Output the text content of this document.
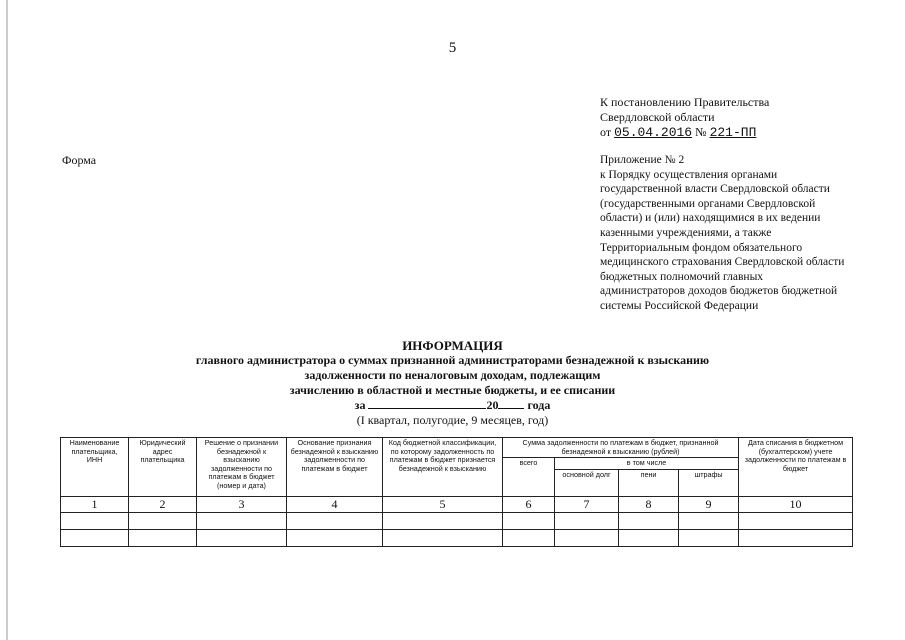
5
К постановлению Правительства
Свердловской области
от 05.04.2016 № 221-ПП
Форма	Приложение № 2
к Порядку осуществления органами государственной власти Свердловской области (государственными органами Свердловской области) и (или) находящимися в их ведении казенными учреждениями, а также Территориальным фондом обязательного медицинского страхования Свердловской области бюджетных полномочий главных администраторов доходов бюджетов бюджетной системы Российской Федерации
ИНФОРМАЦИЯ
главного администратора о суммах признанной администраторами безнадежной к взысканию
задолженности по неналоговым доходам, подлежащим
зачислению в областной и местные бюджеты, и ее списании
за	20 года
(I квартал, полугодие, 9 месяцев, год)
Наименование плательщика, ИНН	Юридический адрес плательщика	Решение о признании безнадежной к взысканию задолженности по платежам в бюджет (номер и дата)	Основание признания безнадежной к взысканию задолженности по платежам в бюджет	Код бюджетной классификации, по которому задолженность по платежам в бюджет признается безнадежной к взысканию	Сумма задолженности по платежам в бюджет, признанной безнадежной к взысканию (рублей)				Дата списания в бюджетном (бухгалтерском) учете задолженности по платежам в бюджет
					всего	в том числе			
						основной долг	пени	штрафы	
1	2	3	4	5	6	7	8	9	10
